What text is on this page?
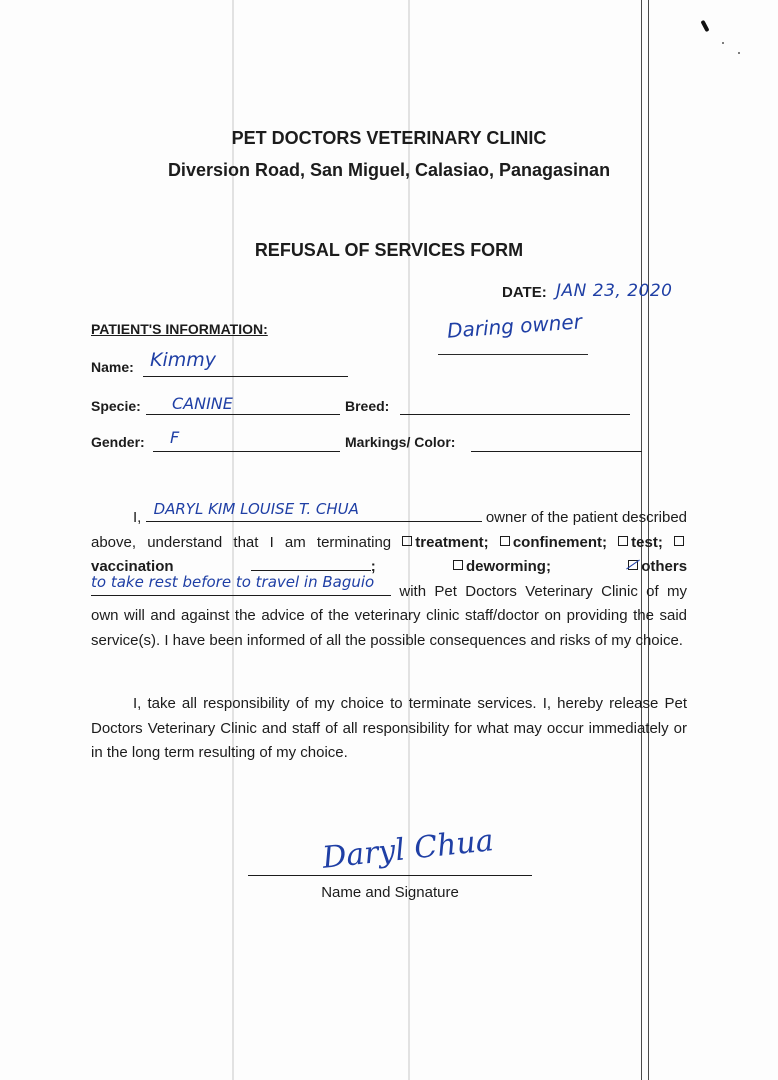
PET DOCTORS VETERINARY CLINIC
Diversion Road, San Miguel, Calasiao, Panagasinan
REFUSAL OF SERVICES FORM
DATE: JAN 23, 2020
Daring owner
PATIENT'S INFORMATION:
Name: Kimmy
Specie: CANINE	Breed:
Gender: F	Markings/ Color:

I, DARYL KIM LOUISE T. CHUA	owner of the patient described above, understand that I am terminating treatment; confinement; test; vaccination	;	deworming;	others
to take rest before to travel in Baguio with Pet Doctors Veterinary Clinic of my own will and against the advice of the veterinary clinic staff/doctor on providing the said service(s). I have been informed of all the possible consequences and risks of my choice.

I, take all responsibility of my choice to terminate services. I, hereby release Pet Doctors Veterinary Clinic and staff of all responsibility for what may occur immediately or in the long term resulting of my choice.

Daryl Chua
Name and Signature
